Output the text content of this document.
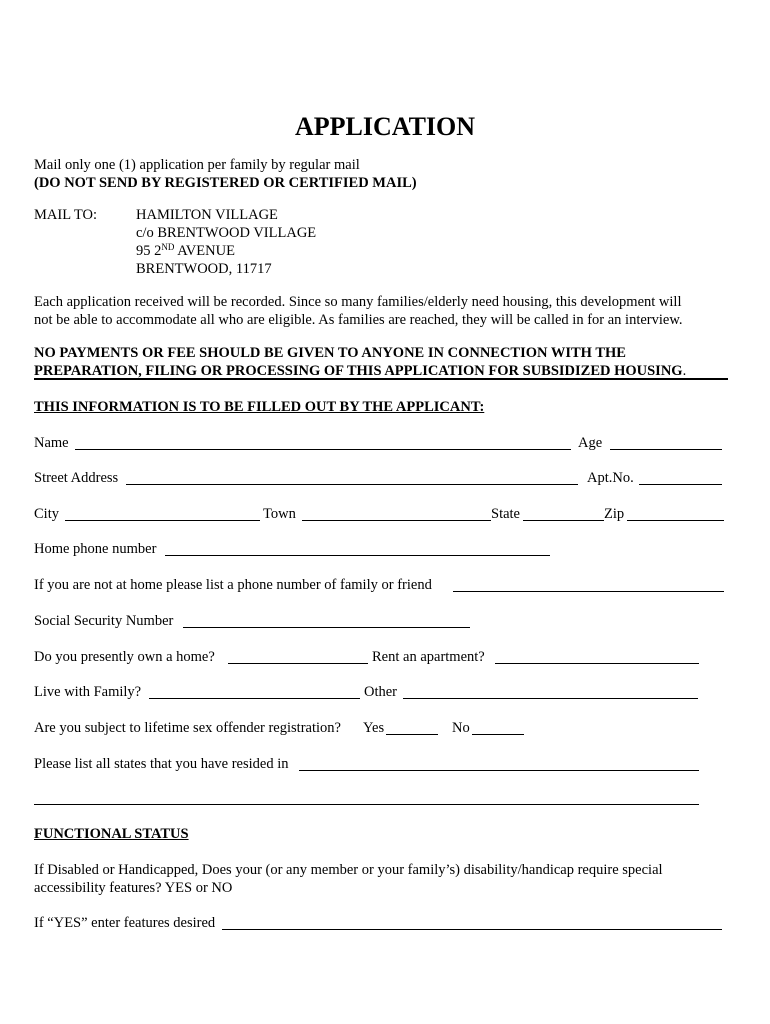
APPLICATION
Mail only one (1) application per family by regular mail
(DO NOT SEND BY REGISTERED OR CERTIFIED MAIL)
MAIL TO:	HAMILTON VILLAGE
c/o BRENTWOOD VILLAGE
95 2ND AVENUE
BRENTWOOD, 11717
Each application received will be recorded. Since so many families/elderly need housing, this development will
not be able to accommodate all who are eligible. As families are reached, they will be called in for an interview.
NO PAYMENTS OR FEE SHOULD BE GIVEN TO ANYONE IN CONNECTION WITH THE
PREPARATION, FILING OR PROCESSING OF THIS APPLICATION FOR SUBSIDIZED HOUSING.
THIS INFORMATION IS TO BE FILLED OUT BY THE APPLICANT:
Name	Age
Street Address	Apt.No.
City	Town	State	Zip
Home phone number
If you are not at home please list a phone number of family or friend
Social Security Number
Do you presently own a home?	Rent an apartment?
Live with Family?	Other
Are you subject to lifetime sex offender registration? Yes	No
Please list all states that you have resided in
FUNCTIONAL STATUS
If Disabled or Handicapped, Does your (or any member or your family’s) disability/handicap require special
accessibility features? YES or NO
If “YES” enter features desired
